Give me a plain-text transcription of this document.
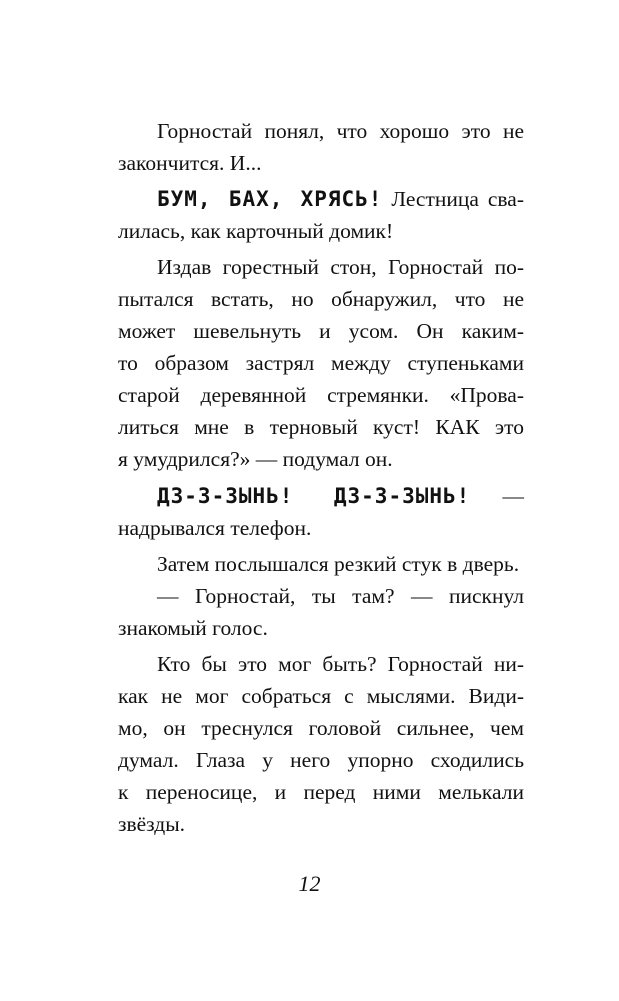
Горностай понял, что хорошо это не
закончится. И...
БУМ, БАХ, ХРЯСЬ! Лестница сва-
лилась, как карточный домик!
Издав горестный стон, Горностай по-
пытался встать, но обнаружил, что не
может шевельнуть и усом. Он каким-
то образом застрял между ступеньками
старой деревянной стремянки. «Прова-
литься мне в терновый куст! КАК это
я умудрился?» — подумал он.
ДЗ-З-ЗЫНЬ! ДЗ-З-ЗЫНЬ! —
надрывался телефон.
Затем послышался резкий стук в дверь.
— Горностай, ты там? — пискнул
знакомый голос.
Кто бы это мог быть? Горностай ни-
как не мог собраться с мыслями. Види-
мо, он треснулся головой сильнее, чем
думал. Глаза у него упорно сходились
к переносице, и перед ними мелькали
звёзды.
12
